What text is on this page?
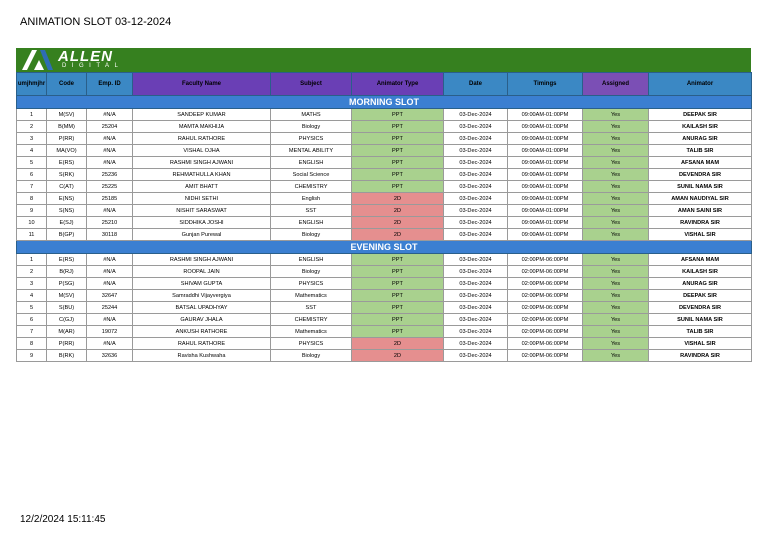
ANIMATION SLOT 03-12-2024
ALLEN
DIGITAL
umjhmjhr	Code	Emp. ID	Faculty Name	Subject	Animator Type	Date	Timings	Assigned	Animator
MORNING SLOT									
1	M(SV)	#N/A	SANDEEP KUMAR	MATHS	PPT	03-Dec-2024	09:00AM-01:00PM	Yes	DEEPAK SIR
2	B(MM)	25204	MAMTA MAKHIJA	Biology	PPT	03-Dec-2024	09:00AM-01:00PM	Yes	KAILASH SIR
3	P(RR)	#N/A	RAHUL RATHORE	PHYSICS	PPT	03-Dec-2024	09:00AM-01:00PM	Yes	ANURAG SIR
4	MA(VO)	#N/A	VISHAL OJHA	MENTAL ABILITY	PPT	03-Dec-2024	09:00AM-01:00PM	Yes	TALIB SIR
5	E(RS)	#N/A	RASHMI SINGH AJWANI	ENGLISH	PPT	03-Dec-2024	09:00AM-01:00PM	Yes	AFSANA MAM
6	S(RK)	25236	REHMATHULLA KHAN	Social Science	PPT	03-Dec-2024	09:00AM-01:00PM	Yes	DEVENDRA SIR
7	C(AT)	25225	AMIT BHATT	CHEMISTRY	PPT	03-Dec-2024	09:00AM-01:00PM	Yes	SUNIL NAMA SIR
8	E(NS)	25185	NIDHI SETHI	English	2D	03-Dec-2024	09:00AM-01:00PM	Yes	AMAN NAUDIYAL SIR
9	S(NS)	#N/A	NISHIT SARASWAT	SST	2D	03-Dec-2024	09:00AM-01:00PM	Yes	AMAN SAINI SIR
10	E(SJ)	25210	SIDDHIKA JOSHI	ENGLISH	2D	03-Dec-2024	09:00AM-01:00PM	Yes	RAVINDRA SIR
11	B(GP)	30118	Gunjan Purewal	Biology	2D	03-Dec-2024	09:00AM-01:00PM	Yes	VISHAL SIR
EVENING SLOT									
1	E(RS)	#N/A	RASHMI SINGH AJWANI	ENGLISH	PPT	03-Dec-2024	02:00PM-06:00PM	Yes	AFSANA MAM
2	B(RJ)	#N/A	ROOPAL JAIN	Biology	PPT	03-Dec-2024	02:00PM-06:00PM	Yes	KAILASH SIR
3	P(SG)	#N/A	SHIVAM GUPTA	PHYSICS	PPT	03-Dec-2024	02:00PM-06:00PM	Yes	ANURAG SIR
4	M(SV)	32647	Samraddhi Vijayvergiya	Mathematics	PPT	03-Dec-2024	02:00PM-06:00PM	Yes	DEEPAK SIR
5	S(BU)	25244	BATSAL UPADHYAY	SST	PPT	03-Dec-2024	02:00PM-06:00PM	Yes	DEVENDRA SIR
6	C(GJ)	#N/A	GAURAV JHALA	CHEMISTRY	PPT	03-Dec-2024	02:00PM-06:00PM	Yes	SUNIL NAMA SIR
7	M(AR)	19072	ANKUSH RATHORE	Mathematics	PPT	03-Dec-2024	02:00PM-06:00PM	Yes	TALIB SIR
8	P(RR)	#N/A	RAHUL RATHORE	PHYSICS	2D	03-Dec-2024	02:00PM-06:00PM	Yes	VISHAL SIR
9	B(RK)	32636	Ravisha Kushwaha	Biology	2D	03-Dec-2024	02:00PM-06:00PM	Yes	RAVINDRA SIR
12/2/2024 15:11:45
